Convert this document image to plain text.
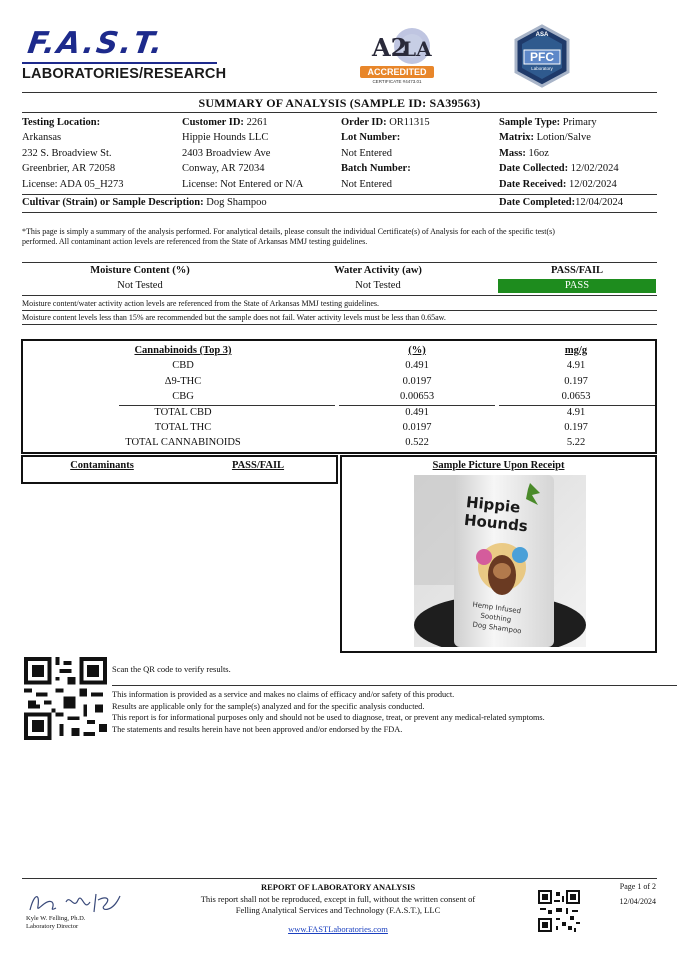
F.A.S.T.
LABORATORIES/RESEARCH
A2
LA
ACCREDITED
CERTIFICATE #4473.01
ASA
PFC
Laboratory
SUMMARY OF ANALYSIS (SAMPLE ID: SA39563)
Testing Location:
Arkansas
232 S. Broadview St.
Greenbrier, AR 72058
License: ADA 05_H273
Customer ID: 2261
Hippie Hounds LLC
2403 Broadview Ave
Conway, AR 72034
License: Not Entered or N/A
Order ID: OR11315
Lot Number:
Not Entered
Batch Number:
Not Entered
Sample Type: Primary
Matrix: Lotion/Salve
Mass: 16oz
Date Collected: 12/02/2024
Date Received: 12/02/2024
Cultivar (Strain) or Sample Description: Dog Shampoo	Date Completed:12/04/2024
*This page is simply a summary of the analysis performed. For analytical details, please consult the individual Certificate(s) of Analysis for each of the specific test(s)
performed. All contaminant action levels are referenced from the State of Arkansas MMJ testing guidelines.
Moisture Content (%)	Water Activity (aw)	PASS/FAIL
Not Tested	Not Tested	PASS
Moisture content/water activity action levels are referenced from the State of Arkansas MMJ testing guidelines.
Moisture content levels less than 15% are recommended but the sample does not fail. Water activity levels must be less than 0.65aw.
Cannabinoids (Top 3)	(%)	mg/g
CBD	0.491	4.91
Δ9-THC	0.0197	0.197
CBG	0.00653	0.0653
TOTAL CBD	0.491	4.91
TOTAL THC	0.0197	0.197
TOTAL CANNABINOIDS	0.522	5.22
Contaminants	PASS/FAIL	Sample Picture Upon Receipt
Hippie
Hounds
Hemp Infused
Soothing
Dog Shampoo
Scan the QR code to verify results.
This information is provided as a service and makes no claims of efficacy and/or safety of this product.
Results are applicable only for the sample(s) analyzed and for the specific analysis conducted.
This report is for informational purposes only and should not be used to diagnose, treat, or prevent any medical-related symptoms.
The statements and results herein have not been approved and/or endorsed by the FDA.
Kyle W. Felling, Ph.D.
Laboratory Director
REPORT OF LABORATORY ANALYSIS
This report shall not be reproduced, except in full, without the written consent of
Felling Analytical Services and Technology (F.A.S.T.), LLC
www.FASTLaboratories.com
Page 1 of 2
12/04/2024
